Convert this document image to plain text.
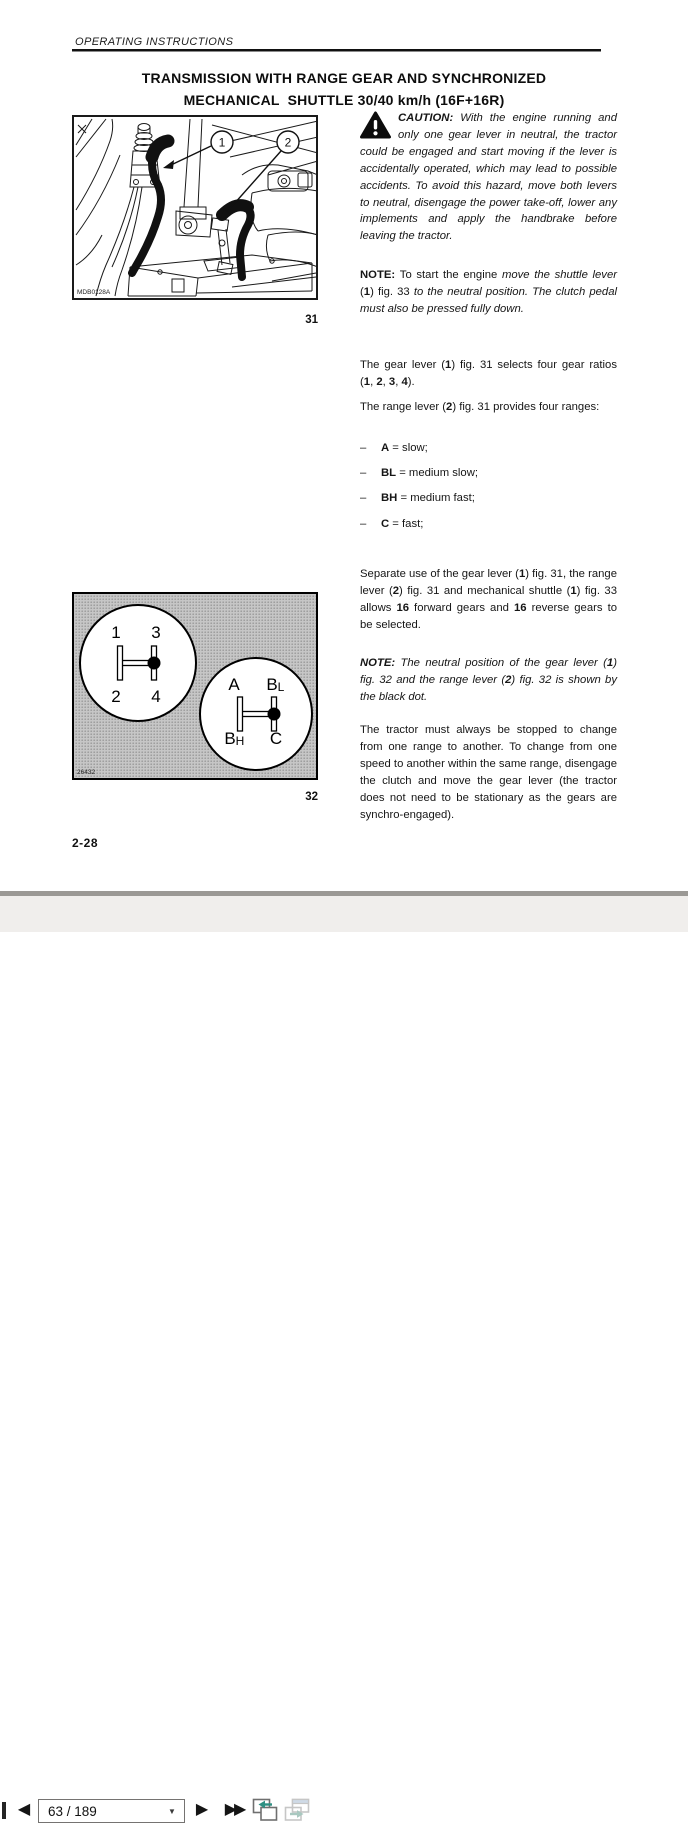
OPERATING INSTRUCTIONS
TRANSMISSION WITH RANGE GEAR AND SYNCHRONIZED
MECHANICAL  SHUTTLE 30/40 km/h (16F+16R)
1	2
MDB0128A
31
1 3
2 4
A B L
B H C
26432
32
CAUTION: With the engine running and only one gear lever in neutral, the tractor could be engaged and start moving if the lever is accidentally operated, which may lead to possible accidents. To avoid this hazard, move both levers to neutral, disengage the power take-off, lower any implements and apply the handbrake before leaving the tractor.
NOTE: To start the engine move the shuttle lever (1) fig. 33 to the neutral position. The clutch pedal must also be pressed fully down.
The gear lever (1) fig. 31 selects four gear ratios (1, 2, 3, 4).
The range lever (2) fig. 31 provides four ranges:
– A = slow;
– BL = medium slow;
– BH = medium fast;
– C = fast;
Separate use of the gear lever (1) fig. 31, the range lever (2) fig. 31 and mechanical shuttle (1) fig. 33 allows 16 forward gears and 16 reverse gears to be selected.
NOTE: The neutral position of the gear lever (1) fig. 32 and the range lever (2) fig. 32 is shown by the black dot.
The tractor must always be stopped to change from one range to another. To change from one speed to another within the same range, disengage the clutch and move the gear lever (the tractor does not need to be stationary as the gears are synchro-engaged).
2-28
◀
63 / 189	▼ ▶ ▶▶
